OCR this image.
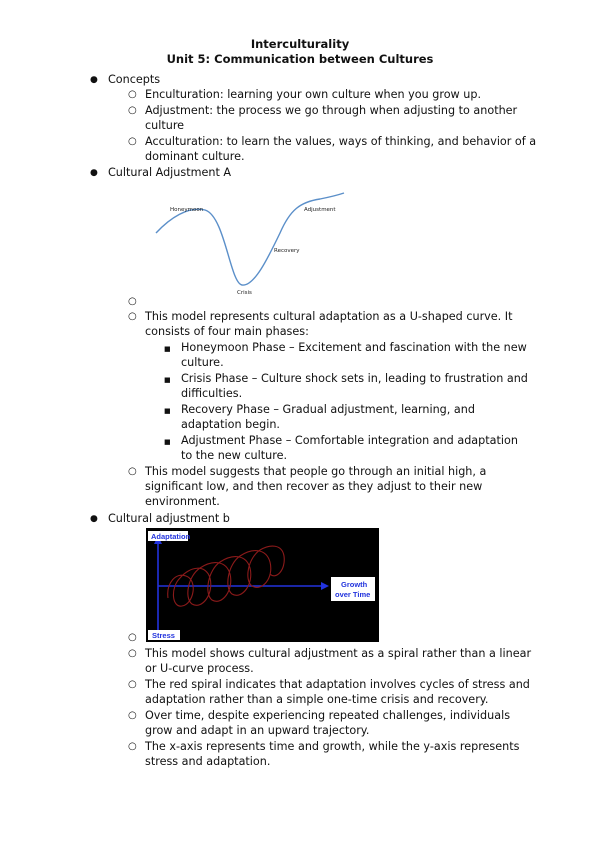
Interculturality
Unit 5: Communication between Cultures
● Concepts
○ Enculturation: learning your own culture when you grow up.
○ Adjustment: the process we go through when adjusting to another
culture
○ Acculturation: to learn the values, ways of thinking, and behavior of a
dominant culture.
● Cultural Adjustment A
Honeymoon	Adjustment
Recovery
Crisis
○
○ This model represents cultural adaptation as a U-shaped curve. It
consists of four main phases:
■ Honeymoon Phase – Excitement and fascination with the new
culture.
■ Crisis Phase – Culture shock sets in, leading to frustration and
difficulties.
■ Recovery Phase – Gradual adjustment, learning, and
adaptation begin.
■ Adjustment Phase – Comfortable integration and adaptation
to the new culture.
○ This model suggests that people go through an initial high, a
significant low, and then recover as they adjust to their new
environment.
● Cultural adjustment b
Adaptation
Stress
Growth
over Time
○
○ This model shows cultural adjustment as a spiral rather than a linear
or U-curve process.
○ The red spiral indicates that adaptation involves cycles of stress and
adaptation rather than a simple one-time crisis and recovery.
○ Over time, despite experiencing repeated challenges, individuals
grow and adapt in an upward trajectory.
○ The x-axis represents time and growth, while the y-axis represents
stress and adaptation.
